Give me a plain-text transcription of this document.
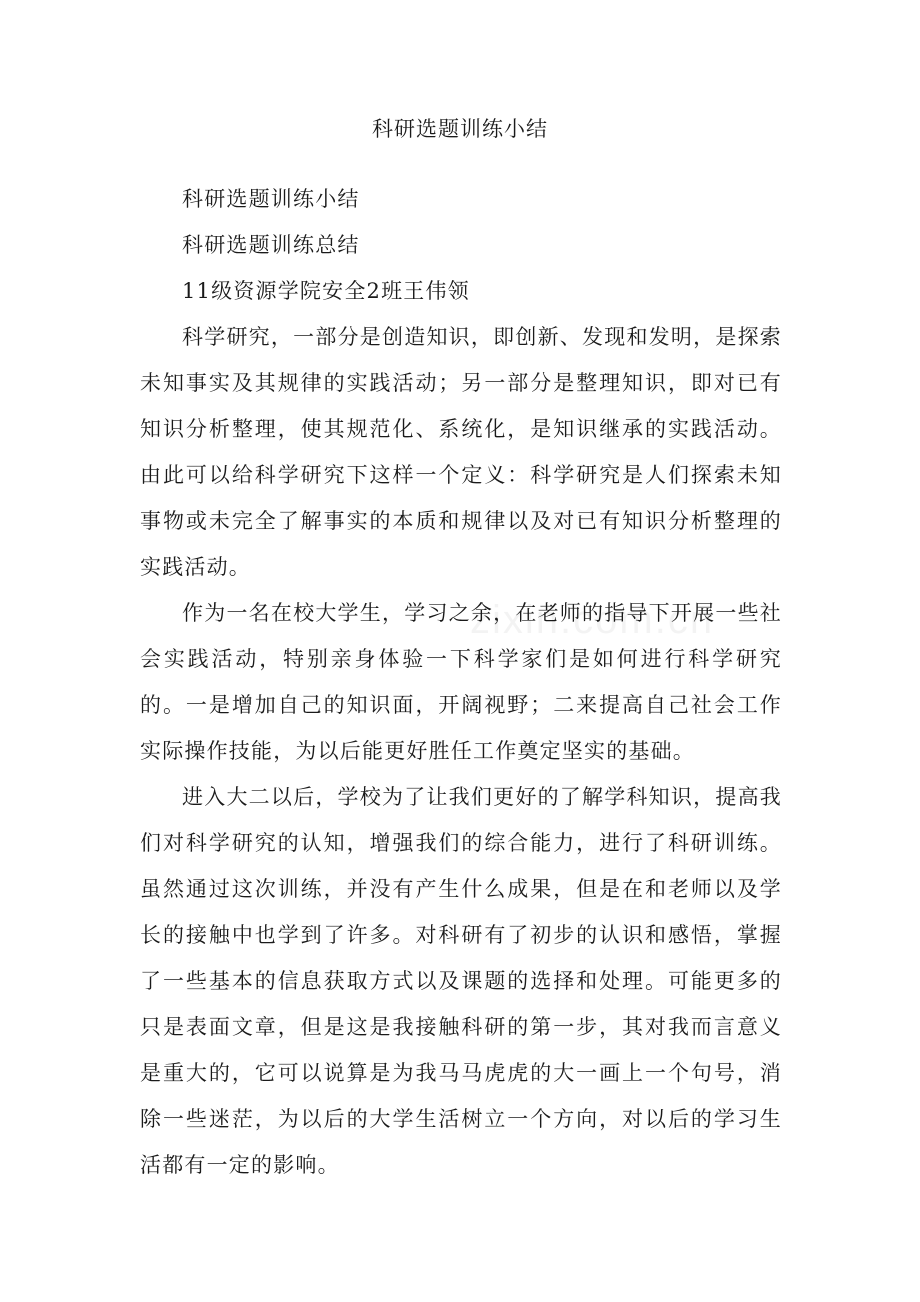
科研选题训练小结

科研选题训练小结

科研选题训练总结

11级资源学院安全2班王伟领

科学研究，一部分是创造知识，即创新、发现和发明，是探索未知事实及其规律的实践活动；另一部分是整理知识，即对已有知识分析整理，使其规范化、系统化，是知识继承的实践活动。由此可以给科学研究下这样一个定义：科学研究是人们探索未知事物或未完全了解事实的本质和规律以及对已有知识分析整理的实践活动。

作为一名在校大学生，学习之余，在老师的指导下开展一些社会实践活动，特别亲身体验一下科学家们是如何进行科学研究的。一是增加自己的知识面，开阔视野；二来提高自己社会工作实际操作技能，为以后能更好胜任工作奠定坚实的基础。

进入大二以后，学校为了让我们更好的了解学科知识，提高我们对科学研究的认知，增强我们的综合能力，进行了科研训练。虽然通过这次训练，并没有产生什么成果，但是在和老师以及学长的接触中也学到了许多。对科研有了初步的认识和感悟，掌握了一些基本的信息获取方式以及课题的选择和处理。可能更多的只是表面文章，但是这是我接触科研的第一步，其对我而言意义是重大的，它可以说算是为我马马虎虎的大一画上一个句号，消除一些迷茫，为以后的大学生活树立一个方向，对以后的学习生活都有一定的影响。
